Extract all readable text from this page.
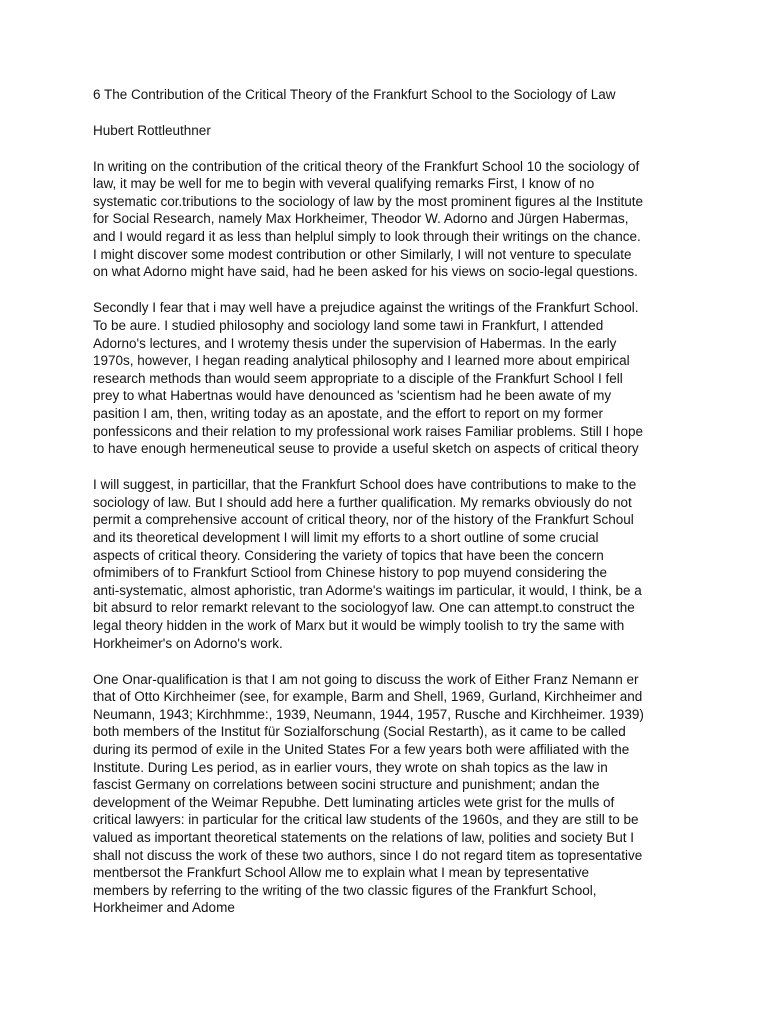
6 The Contribution of the Critical Theory of the Frankfurt School to the Sociology of Law

Hubert Rottleuthner

In writing on the contribution of the critical theory of the Frankfurt School 10 the sociology of
law, it may be well for me to begin with veveral qualifying remarks First, I know of no
systematic cor.tributions to the sociology of law by the most prominent figures al the Institute
for Social Research, namely Max Horkheimer, Theodor W. Adorno and Jürgen Habermas,
and I would regard it as less than helplul simply to look through their writings on the chance.
I might discover some modest contribution or other Similarly, I will not venture to speculate
on what Adorno might have said, had he been asked for his views on socio-legal questions.

Secondly I fear that i may well have a prejudice against the writings of the Frankfurt School.
To be aure. I studied philosophy and sociology land some tawi in Frankfurt, I attended
Adorno's lectures, and I wrotemy thesis under the supervision of Habermas. In the early
1970s, however, I hegan reading analytical philosophy and I learned more about empirical
research methods than would seem appropriate to a disciple of the Frankfurt School I fell
prey to what Habertnas would have denounced as 'scientism had he been awate of my
pasition I am, then, writing today as an apostate, and the effort to report on my former
ponfessicons and their relation to my professional work raises Familiar problems. Still I hope
to have enough hermeneutical seuse to provide a useful sketch on aspects of critical theory

I will suggest, in particillar, that the Frankfurt School does have contributions to make to the
sociology of law. But I should add here a further qualification. My remarks obviously do not
permit a comprehensive account of critical theory, nor of the history of the Frankfurt Schoul
and its theoretical development I will limit my efforts to a short outline of some crucial
aspects of critical theory. Considering the variety of topics that have been the concern
ofmimibers of to Frankfurt Sctiool from Chinese history to pop muyend considering the
anti-systematic, almost aphoristic, tran Adorme's waitings im particular, it would, I think, be a
bit absurd to relor remarkt relevant to the sociologyof law. One can attempt.to construct the
legal theory hidden in the work of Marx but it would be wimply toolish to try the same with
Horkheimer's on Adorno's work.

One Onar-qualification is that I am not going to discuss the work of Either Franz Nemann er
that of Otto Kirchheimer (see, for example, Barm and Shell, 1969, Gurland, Kirchheimer and
Neumann, 1943; Kirchhmme:, 1939, Neumann, 1944, 1957, Rusche and Kirchheimer. 1939)
both members of the Institut für Sozialforschung (Social Restarth), as it came to be called
during its permod of exile in the United States For a few years both were affiliated with the
Institute. During Les period, as in earlier vours, they wrote on shah topics as the law in
fascist Germany on correlations between socini structure and punishment; andan the
development of the Weimar Repubhe. Dett luminating articles wete grist for the mulls of
critical lawyers: in particular for the critical law students of the 1960s, and they are still to be
valued as important theoretical statements on the relations of law, polities and society But I
shall not discuss the work of these two authors, since I do not regard titem as topresentative
mentbersot the Frankfurt School Allow me to explain what I mean by tepresentative
members by referring to the writing of the two classic figures of the Frankfurt School,
Horkheimer and Adome
